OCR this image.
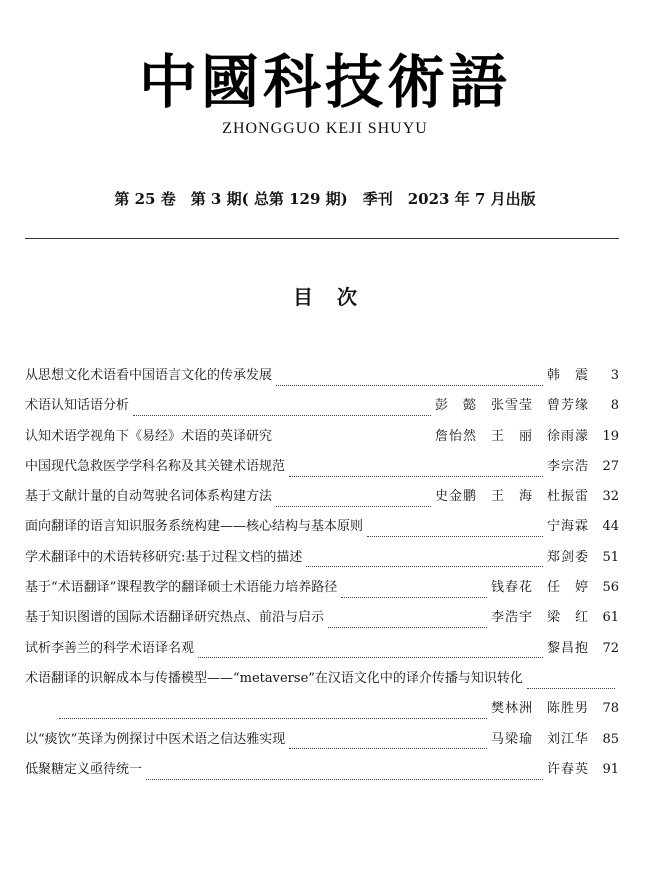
中國科技術語
ZHONGGUO KEJI SHUYU
第 25 卷　第 3 期( 总第 129 期)　季刊　2023 年 7 月出版
目次
从思想文化术语看中国语言文化的传承发展	韩　震	3
术语认知话语分析	彭　懿　张雪莹　曾芳缘	8
认知术语学视角下《易经》术语的英译研究	詹怡然　王　丽　徐雨濛	19
中国现代急救医学学科名称及其关键术语规范	李宗浩	27
基于文献计量的自动驾驶名词体系构建方法	史金鹏　王　海　杜振雷	32
面向翻译的语言知识服务系统构建——核心结构与基本原则	宁海霖	44
学术翻译中的术语转移研究:基于过程文档的描述	郑剑委	51
基于“术语翻译”课程教学的翻译硕士术语能力培养路径	钱春花　任　婷	56
基于知识图谱的国际术语翻译研究热点、前沿与启示	李浩宇　梁　红	61
试析李善兰的科学术语译名观	黎昌抱	72
术语翻译的识解成本与传播模型——“metaverse”在汉语文化中的译介传播与知识转化
樊林洲　陈胜男	78
以“痰饮”英译为例探讨中医术语之信达雅实现	马梁瑜　刘江华	85
低聚糖定义亟待统一	许春英	91
